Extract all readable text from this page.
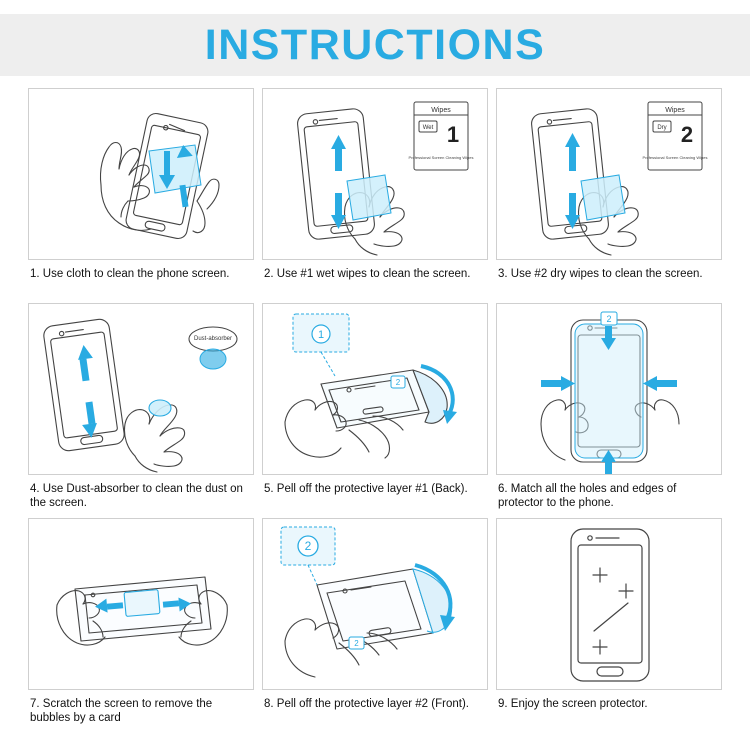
INSTRUCTIONS
1. Use cloth to clean the phone screen.
Wipes
Wet 1
Professional Screen Cleaning Wipes
2. Use #1 wet wipes to clean the screen.
Wipes
Dry 2
Professional Screen Cleaning Wipes
3. Use #2 dry wipes to clean the screen.
Dust-absorber
4. Use Dust-absorber to clean the dust on the screen.
1
2
5. Pell off the protective layer #1 (Back).
2
6. Match all the holes and edges of protector to the phone.
7. Scratch the screen to remove the bubbles by a card
2
2
8. Pell off the protective layer #2 (Front).	9. Enjoy the screen protector.
